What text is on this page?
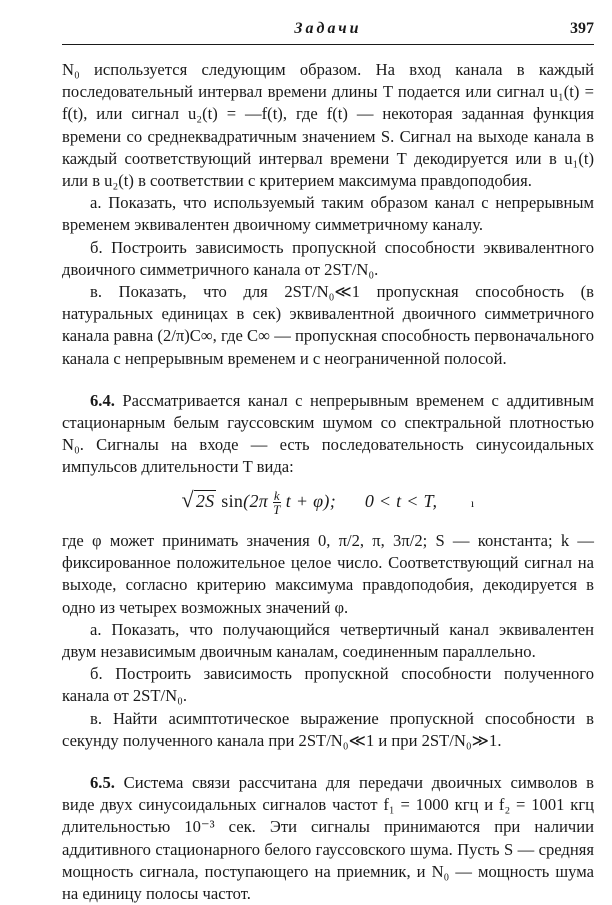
Задачи	397

N₀ используется следующим образом. На вход канала в каждый последовательный интервал времени длины T подается или сигнал u₁(t) = f(t), или сигнал u₂(t) = —f(t), где f(t) — некоторая заданная функция времени со среднеквадратичным значением S. Сигнал на выходе канала в каждый соответствующий интервал времени T декодируется или в u₁(t) или в u₂(t) в соответствии с критерием максимума правдоподобия.

а. Показать, что используемый таким образом канал с непрерывным временем эквивалентен двоичному симметричному каналу.

б. Построить зависимость пропускной способности эквивалентного двоичного симметричного канала от 2ST/N₀.

в. Показать, что для 2ST/N₀≪1 пропускная способность (в натуральных единицах в сек) эквивалентной двоичного симметричного канала равна (2/π)C∞, где C∞ — пропускная способность первоначального канала с непрерывным временем и с неограниченной полосой.

6.4. Рассматривается канал с непрерывным временем с аддитивным стационарным белым гауссовским шумом со спектральной плотностью N₀. Сигналы на входе — есть последовательность синусоидальных импульсов длительности T вида:

√ 2S $\sin(2\pi \frac{k}{T}$ t + φ); 0 < t < T,	ı

где φ может принимать значения 0, π/2, π, 3π/2; S — константа; k — фиксированное положительное целое число. Соответствующий сигнал на выходе, согласно критерию максимума правдоподобия, декодируется в одно из четырех возможных значений φ.

а. Показать, что получающийся четвертичный канал эквивалентен двум независимым двоичным каналам, соединенным параллельно.

б. Построить зависимость пропускной способности полученного канала от 2ST/N₀.

в. Найти асимптотическое выражение пропускной способности в секунду полученного канала при 2ST/N₀≪1 и при 2ST/N₀≫1.

6.5. Система связи рассчитана для передачи двоичных символов в виде двух синусоидальных сигналов частот f₁ = 1000 кгц и f₂ = 1001 кгц длительностью 10⁻³ сек. Эти сигналы принимаются при наличии аддитивного стационарного белого гауссовского шума. Пусть S — средняя мощность сигнала, поступающего на приемник, и N₀ — мощность шума на единицу полосы частот.
